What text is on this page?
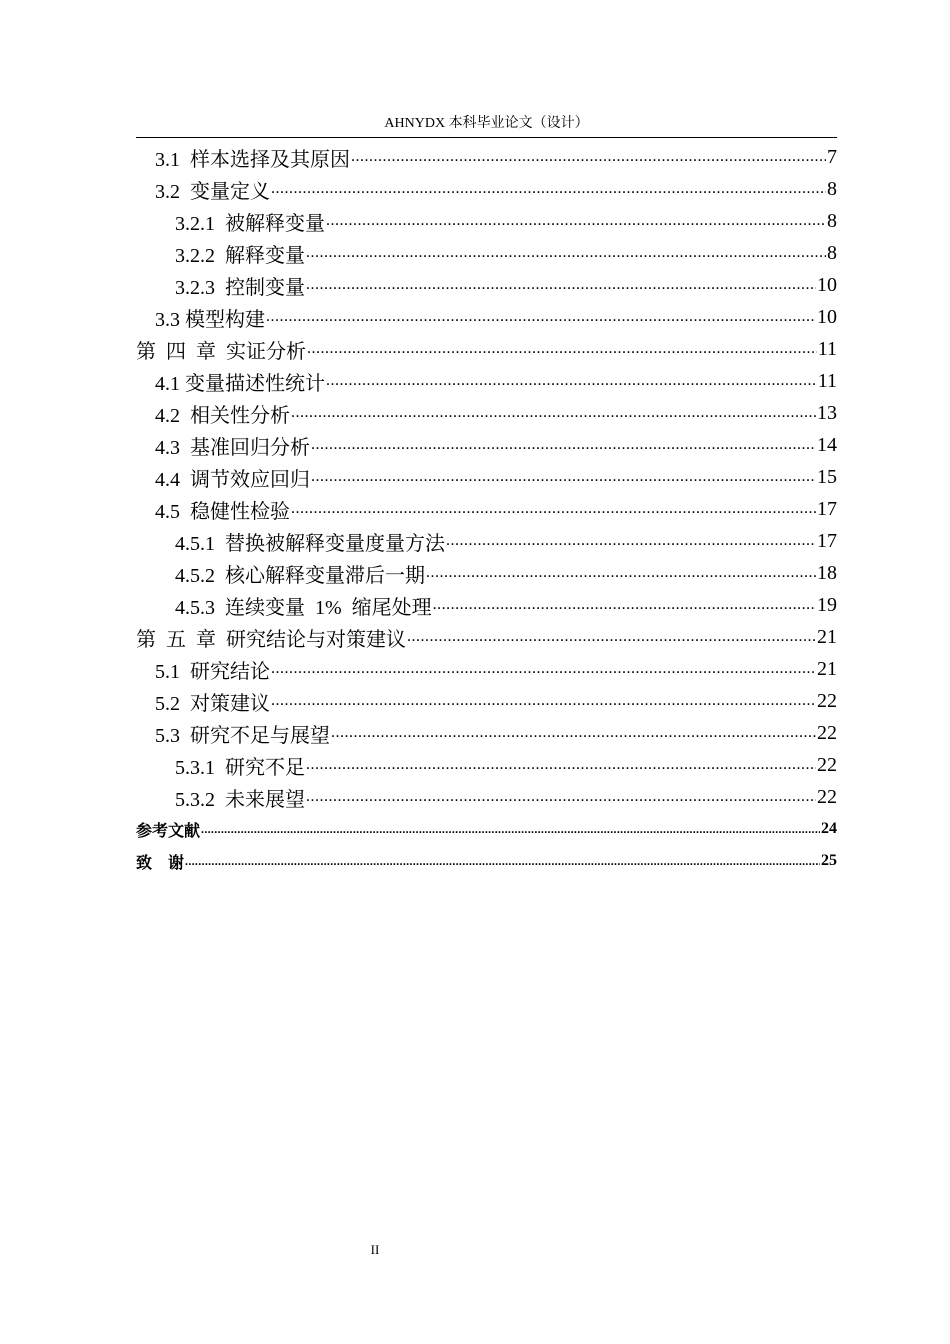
AHNYDX 本科毕业论文（设计）
3.1  样本选择及其原因 .....	7
3.2  变量定义 .....	8
3.2.1  被解释变量 .....	8
3.2.2  解释变量 .....	8
3.2.3  控制变量 .....	10
3.3 模型构建 .....	10
第  四  章  实证分析 .....	11
4.1 变量描述性统计 .....	11
4.2  相关性分析 .....	13
4.3  基准回归分析 .....	14
4.4  调节效应回归 .....	15
4.5  稳健性检验 .....	17
4.5.1  替换被解释变量度量方法 .....	17
4.5.2  核心解释变量滞后一期 .....	18
4.5.3  连续变量  1%  缩尾处理 .....	19
第  五  章  研究结论与对策建议 .....	21
5.1  研究结论 .....	21
5.2  对策建议 .....	22
5.3  研究不足与展望 .....	22
5.3.1  研究不足 .....	22
5.3.2  未来展望 .....	22
参考文献 .....	24
致    谢 .....	25
II
